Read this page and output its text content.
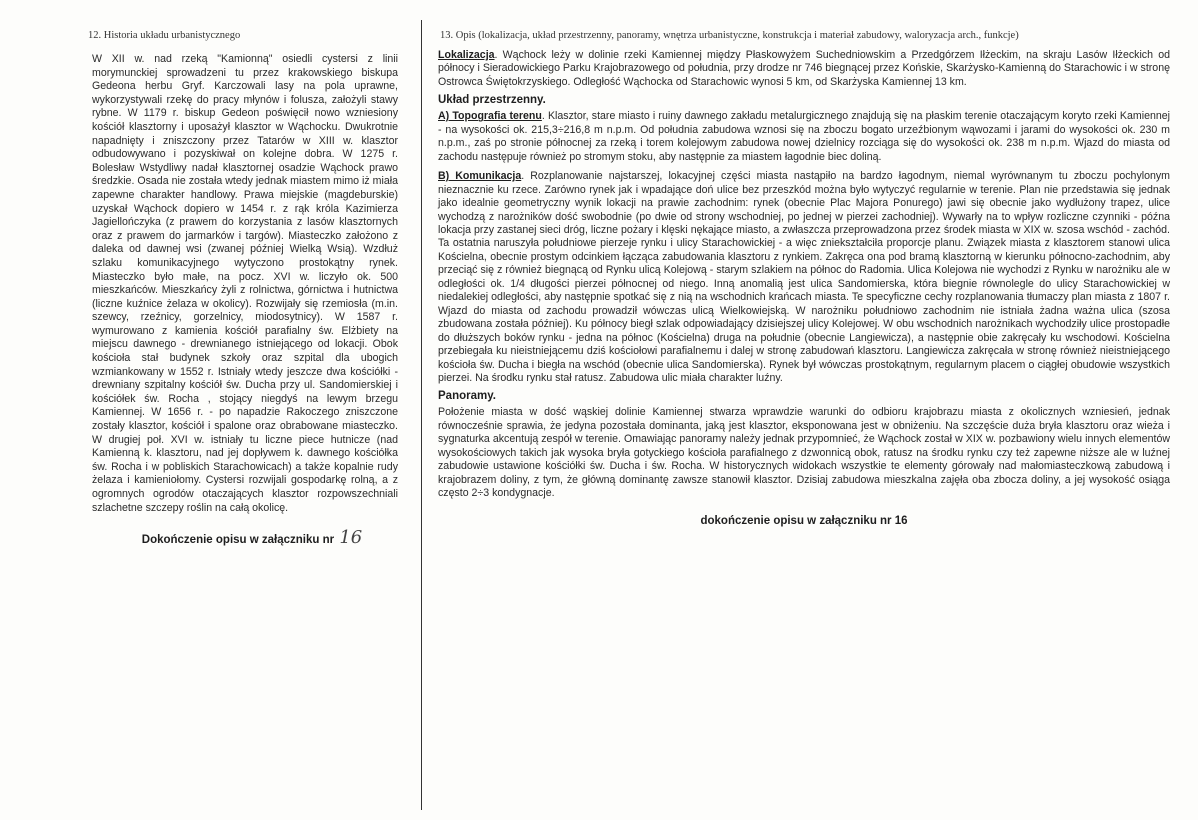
12. Historia układu urbanistycznego

W XII w. nad rzeką "Kamionną" osiedli cystersi z linii morymunckiej sprowadzeni tu przez krakowskiego biskupa Gedeona herbu Gryf. Karczowali lasy na pola uprawne, wykorzystywali rzekę do pracy młynów i folusza, założyli stawy rybne. W 1179 r. biskup Gedeon poświęcił nowo wzniesiony kościół klasztorny i uposażył klasztor w Wąchocku. Dwukrotnie napadnięty i zniszczony przez Tatarów w XIII w. klasztor odbudowywano i pozyskiwał on kolejne dobra. W 1275 r. Bolesław Wstydliwy nadał klasztornej osadzie Wąchock prawo średzkie. Osada nie została wtedy jednak miastem mimo iż miała zapewne charakter handlowy. Prawa miejskie (magdeburskie) uzyskał Wąchock dopiero w 1454 r. z rąk króla Kazimierza Jagiellończyka (z prawem do korzystania z lasów klasztornych oraz z prawem do jarmarków i targów). Miasteczko założono z daleka od dawnej wsi (zwanej później Wielką Wsią). Wzdłuż szlaku komunikacyjnego wytyczono prostokątny rynek. Miasteczko było małe, na pocz. XVI w. liczyło ok. 500 mieszkańców. Mieszkańcy żyli z rolnictwa, górnictwa i hutnictwa (liczne kuźnice żelaza w okolicy). Rozwijały się rzemiosła (m.in. szewcy, rzeźnicy, gorzelnicy, miodosytnicy). W 1587 r. wymurowano z kamienia kościół parafialny św. Elżbiety na miejscu dawnego - drewnianego istniejącego od lokacji. Obok kościoła stał budynek szkoły oraz szpital dla ubogich wzmiankowany w 1552 r. Istniały wtedy jeszcze dwa kościółki - drewniany szpitalny kościół św. Ducha przy ul. Sandomierskiej i kościółek św. Rocha , stojący niegdyś na lewym brzegu Kamiennej. W 1656 r. - po napadzie Rakoczego zniszczone zostały klasztor, kościół i spalone oraz obrabowane miasteczko. W drugiej poł. XVI w. istniały tu liczne piece hutnicze (nad Kamienną k. klasztoru, nad jej dopływem k. dawnego kościółka św. Rocha i w pobliskich Starachowicach) a także kopalnie rudy żelaza i kamieniołomy. Cystersi rozwijali gospodarkę rolną, a z ogromnych ogrodów otaczających klasztor rozpowszechniali szlachetne szczepy roślin na całą okolicę.

Dokończenie opisu w załączniku nr 16
13. Opis (lokalizacja, układ przestrzenny, panoramy, wnętrza urbanistyczne, konstrukcja i materiał zabudowy, waloryzacja arch., funkcje)

Lokalizacja. Wąchock leży w dolinie rzeki Kamiennej między Płaskowyżem Suchedniowskim a Przedgórzem Iłżeckim, na skraju Lasów Iłżeckich od północy i Sieradowickiego Parku Krajobrazowego od południa, przy drodze nr 746 biegnącej przez Końskie, Skarżysko-Kamienną do Starachowic i w stronę Ostrowca Świętokrzyskiego. Odległość Wąchocka od Starachowic wynosi 5 km, od Skarżyska Kamiennej 13 km.

Układ przestrzenny.

A) Topografia terenu. Klasztor, stare miasto i ruiny dawnego zakładu metalurgicznego znajdują się na płaskim terenie otaczającym koryto rzeki Kamiennej - na wysokości ok. 215,3÷216,8 m n.p.m. Od południa zabudowa wznosi się na zboczu bogato urzeźbionym wąwozami i jarami do wysokości ok. 230 m n.p.m., zaś po stronie północnej za rzeką i torem kolejowym zabudowa nowej dzielnicy rozciąga się do wysokości ok. 238 m n.p.m. Wjazd do miasta od zachodu następuje również po stromym stoku, aby następnie za miastem łagodnie biec doliną.

B) Komunikacja. Rozplanowanie najstarszej, lokacyjnej części miasta nastąpiło na bardzo łagodnym, niemal wyrównanym tu zboczu pochylonym nieznacznie ku rzece. Zarówno rynek jak i wpadające doń ulice bez przeszkód można było wytyczyć regularnie w terenie. Plan nie przedstawia się jednak jako idealnie geometryczny wynik lokacji na prawie zachodnim: rynek (obecnie Plac Majora Ponurego) jawi się obecnie jako wydłużony trapez, ulice wychodzą z narożników dość swobodnie (po dwie od strony wschodniej, po jednej w pierzei zachodniej). Wywarły na to wpływ rozliczne czynniki - późna lokacja przy zastanej sieci dróg, liczne pożary i klęski nękające miasto, a zwłaszcza przeprowadzona przez środek miasta w XIX w. szosa wschód - zachód. Ta ostatnia naruszyła południowe pierzeje rynku i ulicy Starachowickiej - a więc zniekształciła proporcje planu. Związek miasta z klasztorem stanowi ulica Kościelna, obecnie prostym odcinkiem łącząca zabudowania klasztoru z rynkiem. Zakręca ona pod bramą klasztorną w kierunku północno-zachodnim, aby przeciąć się z również biegnącą od Rynku ulicą Kolejową - starym szlakiem na północ do Radomia. Ulica Kolejowa nie wychodzi z Rynku w narożniku ale w odległości ok. 1/4 długości pierzei północnej od niego. Inną anomalią jest ulica Sandomierska, która biegnie równolegle do ulicy Starachowickiej w niedalekiej odległości, aby następnie spotkać się z nią na wschodnich krańcach miasta. Te specyficzne cechy rozplanowania tłumaczy plan miasta z 1807 r. Wjazd do miasta od zachodu prowadził wówczas ulicą Wielkowiejską. W narożniku południowo zachodnim nie istniała żadna ważna ulica (szosa zbudowana została później). Ku północy biegł szlak odpowiadający dzisiejszej ulicy Kolejowej. W obu wschodnich narożnikach wychodziły ulice prostopadłe do dłuższych boków rynku - jedna na północ (Kościelna) druga na południe (obecnie Langiewicza), a następnie obie zakręcały ku wschodowi. Kościelna przebiegała ku nieistniejącemu dziś kościołowi parafialnemu i dalej w stronę zabudowań klasztoru. Langiewicza zakręcała w stronę również nieistniejącego kościoła św. Ducha i biegła na wschód (obecnie ulica Sandomierska). Rynek był wówczas prostokątnym, regularnym placem o ciągłej obudowie wszystkich pierzei. Na środku rynku stał ratusz. Zabudowa ulic miała charakter luźny.

Panoramy.

Położenie miasta w dość wąskiej dolinie Kamiennej stwarza wprawdzie warunki do odbioru krajobrazu miasta z okolicznych wzniesień, jednak równocześnie sprawia, że jedyna pozostała dominanta, jaką jest klasztor, eksponowana jest w obniżeniu. Na szczęście duża bryła klasztoru oraz wieża i sygnaturka akcentują zespół w terenie. Omawiając panoramy należy jednak przypomnieć, że Wąchock został w XIX w. pozbawiony wielu innych elementów wysokościowych takich jak wysoka bryła gotyckiego kościoła parafialnego z dzwonnicą obok, ratusz na środku rynku czy też zapewne niższe ale w luźnej zabudowie ustawione kościółki św. Ducha i św. Rocha. W historycznych widokach wszystkie te elementy górowały nad małomiasteczkową zabudową i krajobrazem doliny, z tym, że główną dominantę zawsze stanowił klasztor. Dzisiaj zabudowa mieszkalna zajęła oba zbocza doliny, a jej wysokość osiąga często 2÷3 kondygnacje.

dokończenie opisu w załączniku nr 16
